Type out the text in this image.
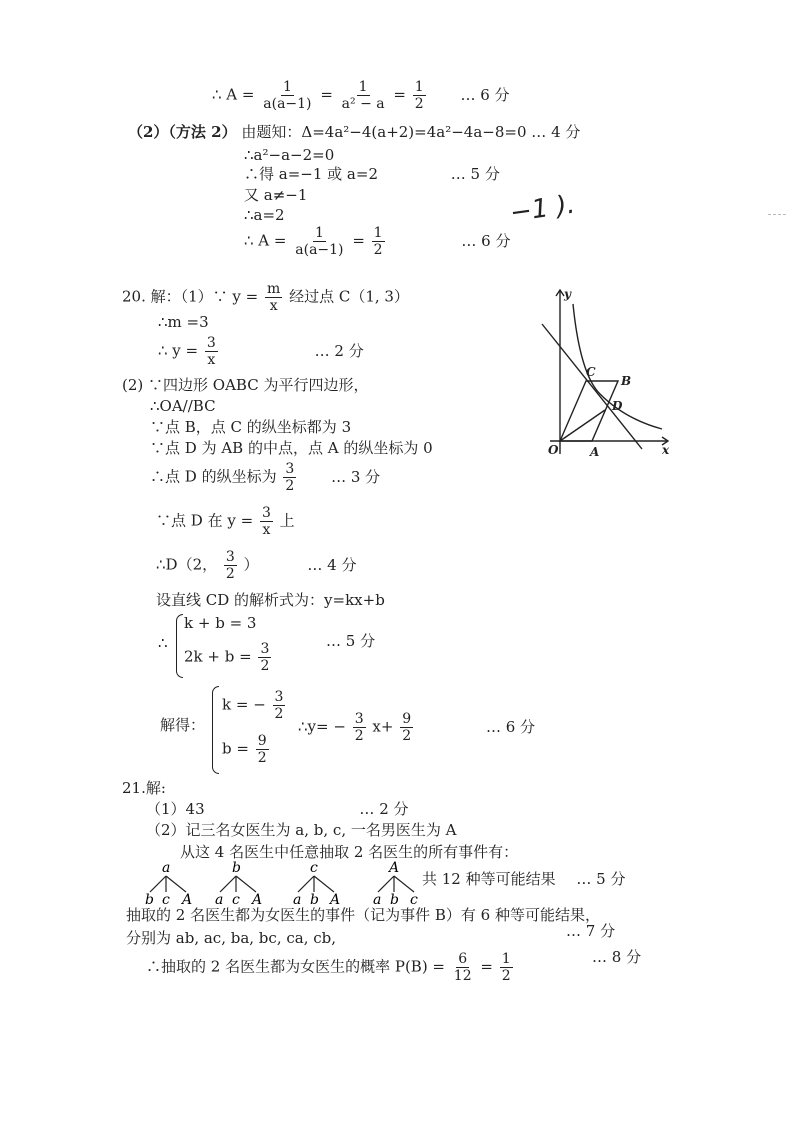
∴ $A = \frac{1}{a(a-1)} = \frac{1}{\text{a² − a}} = \frac{1}{2}$ … 6 分
（2）（方法 2） 由题知：Δ=4a²−4(a+2)=4a²−4a−8=0 … 4 分
∴a²−a−2=0
∴得 a=−1 或 a=2	… 5 分
又 a≠−1
∴a=2
∴ $A = \frac{1}{a(a-1)} = \frac{1}{2}$	… 6 分
−1 ).
20. 解：（1）∵ $y = \frac{m}{x}$ 经过点 C（1, 3）
∴m =3
∴ $y = \frac{3}{x}$	… 2 分
(2) ∵四边形 OABC 为平行四边形，
∴OA//BC
∵点 B，点 C 的纵坐标都为 3
∵点 D 为 AB 的中点，点 A 的纵坐标为 0
∴点 D 的纵坐标为 $\frac{3}{2}$ … 3 分
∵点 D 在 $y = \frac{3}{x}$ 上
∴D（2， $\frac{3}{2}$ ）	… 4 分
设直线 CD 的解析式为：y=kx+b
∴
k + b = 3
$2k + b = \frac{3}{2}$
… 5 分
解得：
k = − $\frac{3}{2}$
$b = \frac{9}{2}$
∴y= − $\frac{3}{2} x+ \frac{9}{2}$	… 6 分
y
x
O	A
B
C
D
21.解:
（1）43	… 2 分
（2）记三名女医生为 a, b, c, 一名男医生为 A
从这 4 名医生中任意抽取 2 名医生的所有事件有：
a
b c A
b
a c A
c
a b A
A
a b c
共 12 种等可能结果 … 5 分
抽取的 2 名医生都为女医生的事件（记为事件 B）有 6 种等可能结果，
分别为 ab, ac, ba, bc, ca, cb,	… 7 分
∴抽取的 2 名医生都为女医生的概率 $P(B) = \frac{6}{12} = \frac{1}{2}$	… 8 分
